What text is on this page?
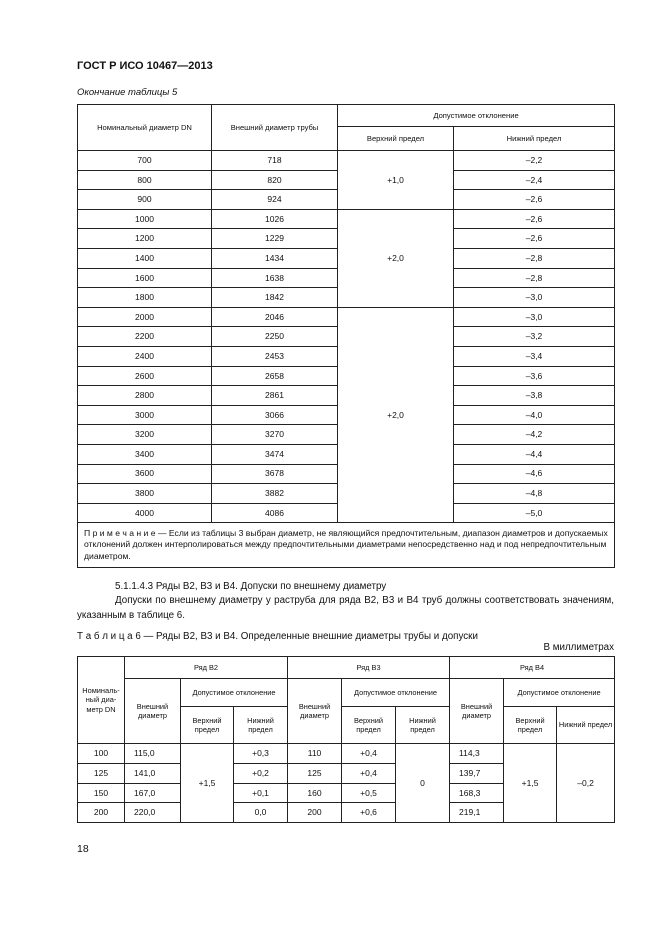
ГОСТ Р ИСО 10467—2013
Окончание таблицы 5
Номинальный диаметр DN	Внешний диаметр трубы	Допустимое отклонение	
		Верхний предел	Нижний предел
700	718	+1,0	–2,2
800	820		–2,4
900	924		–2,6
1000	1026	+2,0	–2,6
1200	1229		–2,6
1400	1434		–2,8
1600	1638		–2,8
1800	1842		–3,0
2000	2046	+2,0	–3,0
2200	2250		–3,2
2400	2453		–3,4
2600	2658		–3,6
2800	2861		–3,8
3000	3066		–4,0
3200	3270		–4,2
3400	3474		–4,4
3600	3678		–4,6
3800	3882		–4,8
4000	4086		–5,0
П р и м е ч а н и е — Если из таблицы 3 выбран диаметр, не являющийся предпочтительным, диапазон диаметров и допускаемых отклонений должен интерполироваться между предпочтительными диаметрами непосредственно над и под непредпочтительным диаметром.			

5.1.1.4.3 Ряды В2, В3 и В4. Допуски по внешнему диаметру

Допуски по внешнему диаметру у раструба для ряда В2, В3 и В4 труб должны соответствовать значениям, указанным в таблице 6.

Т а б л и ц а 6 — Ряды В2, В3 и В4. Определенные внешние диаметры трубы и допуски

В миллиметрах

Номиналь-ный диа-метр DN	Ряд В2			Ряд В3			Ряд В4		
	Внешний диаметр	Допустимое отклонение		Внешний диаметр	Допустимое отклонение		Внешний диаметр	Допустимое отклонение	
		Верхний предел	Нижний предел		Верхний предел	Нижний предел		Верхний предел	Нижний предел
100	115,0	+1,5	+0,3	110	+0,4	0	114,3	+1,5	–0,2
125	141,0		+0,2	125	+0,4		139,7		
150	167,0		+0,1	160	+0,5		168,3		
200	220,0		0,0	200	+0,6		219,1		
18
